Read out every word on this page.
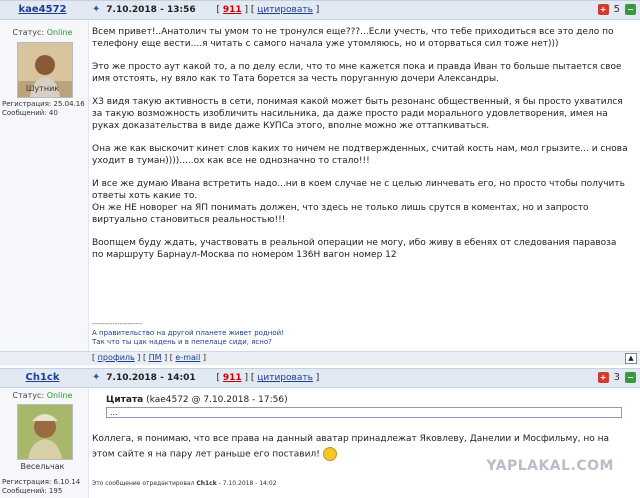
kae4572	✦ 7.10.2018 - 13:56 [ 911 ] [ цитировать ]	+ 5 −
Статус: Online
Шутник
Регистрация: 25.04.16
Сообщений: 40

Всем привет!..Анатолич ты умом то не тронулся еще???...Если учесть, что тебе приходиться все это дело по телефону еще вести....я читать с самого начала уже утомляюсь, но и оторваться сил тоже нет)))

Это же просто аут какой то, а по делу если, что то мне кажется пока и правда Иван то больше пытается свое имя отстоять, ну вяло как то Тата борется за честь поруганную дочери Александры.

ХЗ видя такую активность в сети, понимая какой может быть резонанс общественный, я бы просто ухватился за такую возможность изобличить насильника, да даже просто ради морального удовлетворения, имея на руках доказательства в виде даже КУПСа этого, вполне можно же оттапкиваться.

Она же как выскочит кинет слов каких то ничем не подтвержденных, считай кость нам, мол грызите... и снова уходит в туман)))).....ох как все не однозначно то стало!!!

И все же думаю Ивана встретить надо...ни в коем случае не с целью линчевать его, но просто чтобы получить ответы хоть какие то.
Он же НЕ новорег на ЯП понимать должен, что здесь не только лишь срутся в коментах, но и запросто виртуально становиться реальностью!!!

Воопщем буду ждать, участвовать в реальной операции не могу, ибо живу в ебенях от следования паравоза по маршруту Барнаул-Москва по номером 136Н вагон номер 12

--------------------
А правительство на другой планете живет родной!
Так что ты цак надень и в пепелаце сиди, ясно?
[ профиль ] [ ПМ ] [ e-mail ]	▲
Ch1ck	✦ 7.10.2018 - 14:01 [ 911 ] [ цитировать ]	+ 3 −
Статус: Online
Весельчак
Регистрация: 6.10.14
Сообщений: 195
Цитата (kae4572 @ 7.10.2018 - 17:56)
...
Коллега, я понимаю, что все права на данный аватар принадлежат Яковлеву, Данелии и Мосфильму, но на этом сайте я на пару лет раньше его поставил!
YAPLAKAL.COM
Это сообщение отредактировал Ch1ck - 7.10.2018 - 14:02
